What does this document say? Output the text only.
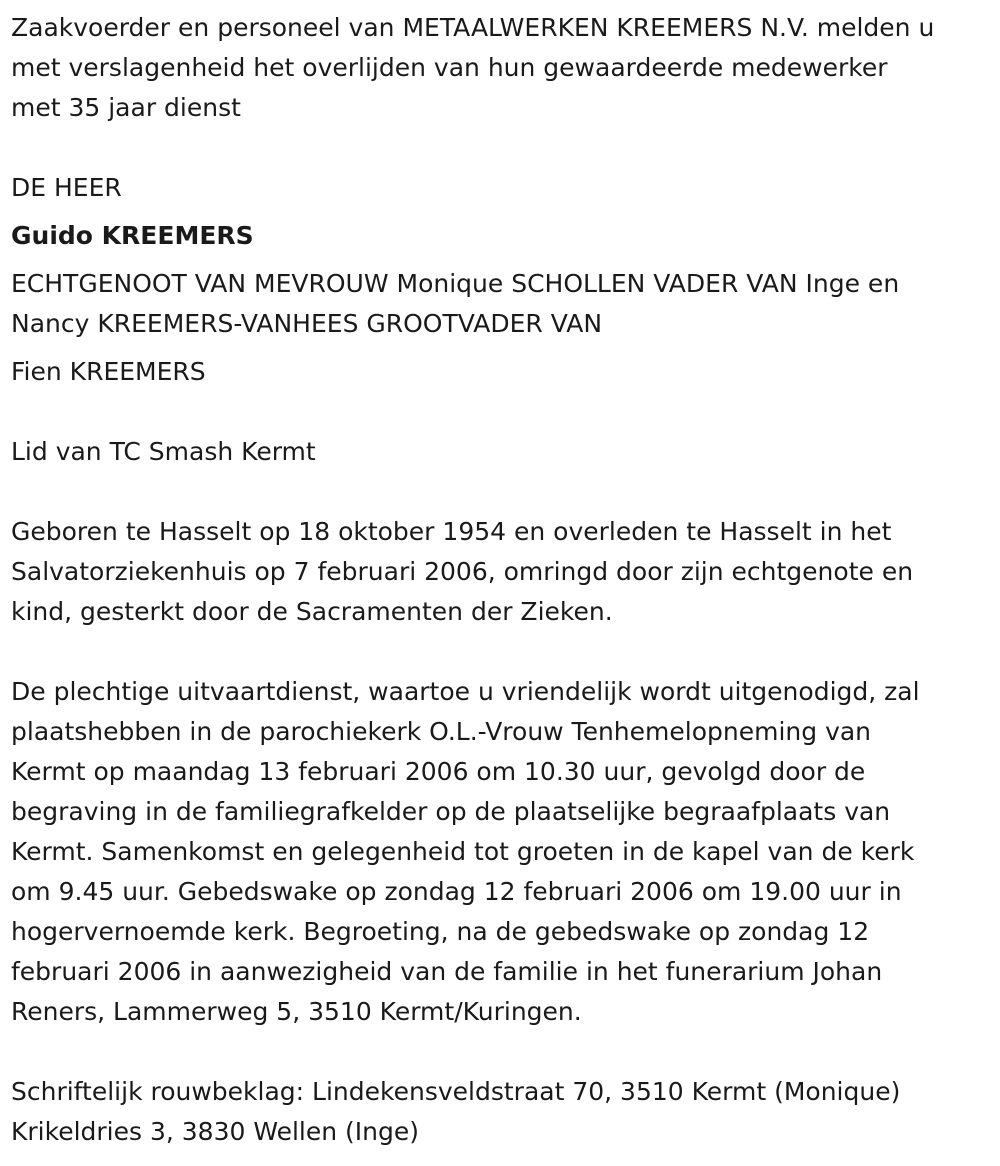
Zaakvoerder en personeel van METAALWERKEN KREEMERS N.V. melden u
met verslagenheid het overlijden van hun gewaardeerde medewerker
met 35 jaar dienst

DE HEER

Guido KREEMERS

ECHTGENOOT VAN MEVROUW Monique SCHOLLEN VADER VAN Inge en
Nancy KREEMERS-VANHEES GROOTVADER VAN

Fien KREEMERS

Lid van TC Smash Kermt

Geboren te Hasselt op 18 oktober 1954 en overleden te Hasselt in het
Salvatorziekenhuis op 7 februari 2006, omringd door zijn echtgenote en
kind, gesterkt door de Sacramenten der Zieken.

De plechtige uitvaartdienst, waartoe u vriendelijk wordt uitgenodigd, zal
plaatshebben in de parochiekerk O.L.-Vrouw Tenhemelopneming van
Kermt op maandag 13 februari 2006 om 10.30 uur, gevolgd door de
begraving in de familiegrafkelder op de plaatselijke begraafplaats van
Kermt. Samenkomst en gelegenheid tot groeten in de kapel van de kerk
om 9.45 uur. Gebedswake op zondag 12 februari 2006 om 19.00 uur in
hogervernoemde kerk. Begroeting, na de gebedswake op zondag 12
februari 2006 in aanwezigheid van de familie in het funerarium Johan
Reners, Lammerweg 5, 3510 Kermt/Kuringen.

Schriftelijk rouwbeklag: Lindekensveldstraat 70, 3510 Kermt (Monique)
Krikeldries 3, 3830 Wellen (Inge)
